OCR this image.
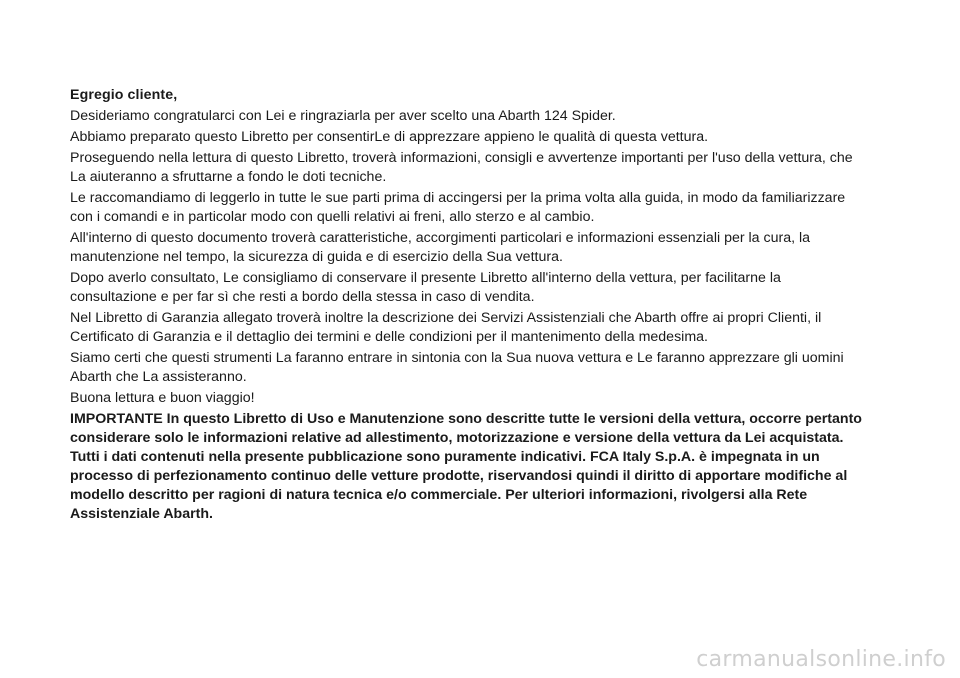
Egregio cliente,

Desideriamo congratularci con Lei e ringraziarla per aver scelto una Abarth 124 Spider.

Abbiamo preparato questo Libretto per consentirLe di apprezzare appieno le qualità di questa vettura.

Proseguendo nella lettura di questo Libretto, troverà informazioni, consigli e avvertenze importanti per l'uso della vettura, che La aiuteranno a sfruttarne a fondo le doti tecniche.

Le raccomandiamo di leggerlo in tutte le sue parti prima di accingersi per la prima volta alla guida, in modo da familiarizzare con i comandi e in particolar modo con quelli relativi ai freni, allo sterzo e al cambio.

All'interno di questo documento troverà caratteristiche, accorgimenti particolari e informazioni essenziali per la cura, la manutenzione nel tempo, la sicurezza di guida e di esercizio della Sua vettura.

Dopo averlo consultato, Le consigliamo di conservare il presente Libretto all'interno della vettura, per facilitarne la consultazione e per far sì che resti a bordo della stessa in caso di vendita.

Nel Libretto di Garanzia allegato troverà inoltre la descrizione dei Servizi Assistenziali che Abarth offre ai propri Clienti, il Certificato di Garanzia e il dettaglio dei termini e delle condizioni per il mantenimento della medesima.

Siamo certi che questi strumenti La faranno entrare in sintonia con la Sua nuova vettura e Le faranno apprezzare gli uomini Abarth che La assisteranno.

Buona lettura e buon viaggio!

IMPORTANTE In questo Libretto di Uso e Manutenzione sono descritte tutte le versioni della vettura, occorre pertanto considerare solo le informazioni relative ad allestimento, motorizzazione e versione della vettura da Lei acquistata. Tutti i dati contenuti nella presente pubblicazione sono puramente indicativi. FCA Italy S.p.A. è impegnata in un processo di perfezionamento continuo delle vetture prodotte, riservandosi quindi il diritto di apportare modifiche al modello descritto per ragioni di natura tecnica e/o commerciale. Per ulteriori informazioni, rivolgersi alla Rete Assistenziale Abarth.

carmanualsonline.info
